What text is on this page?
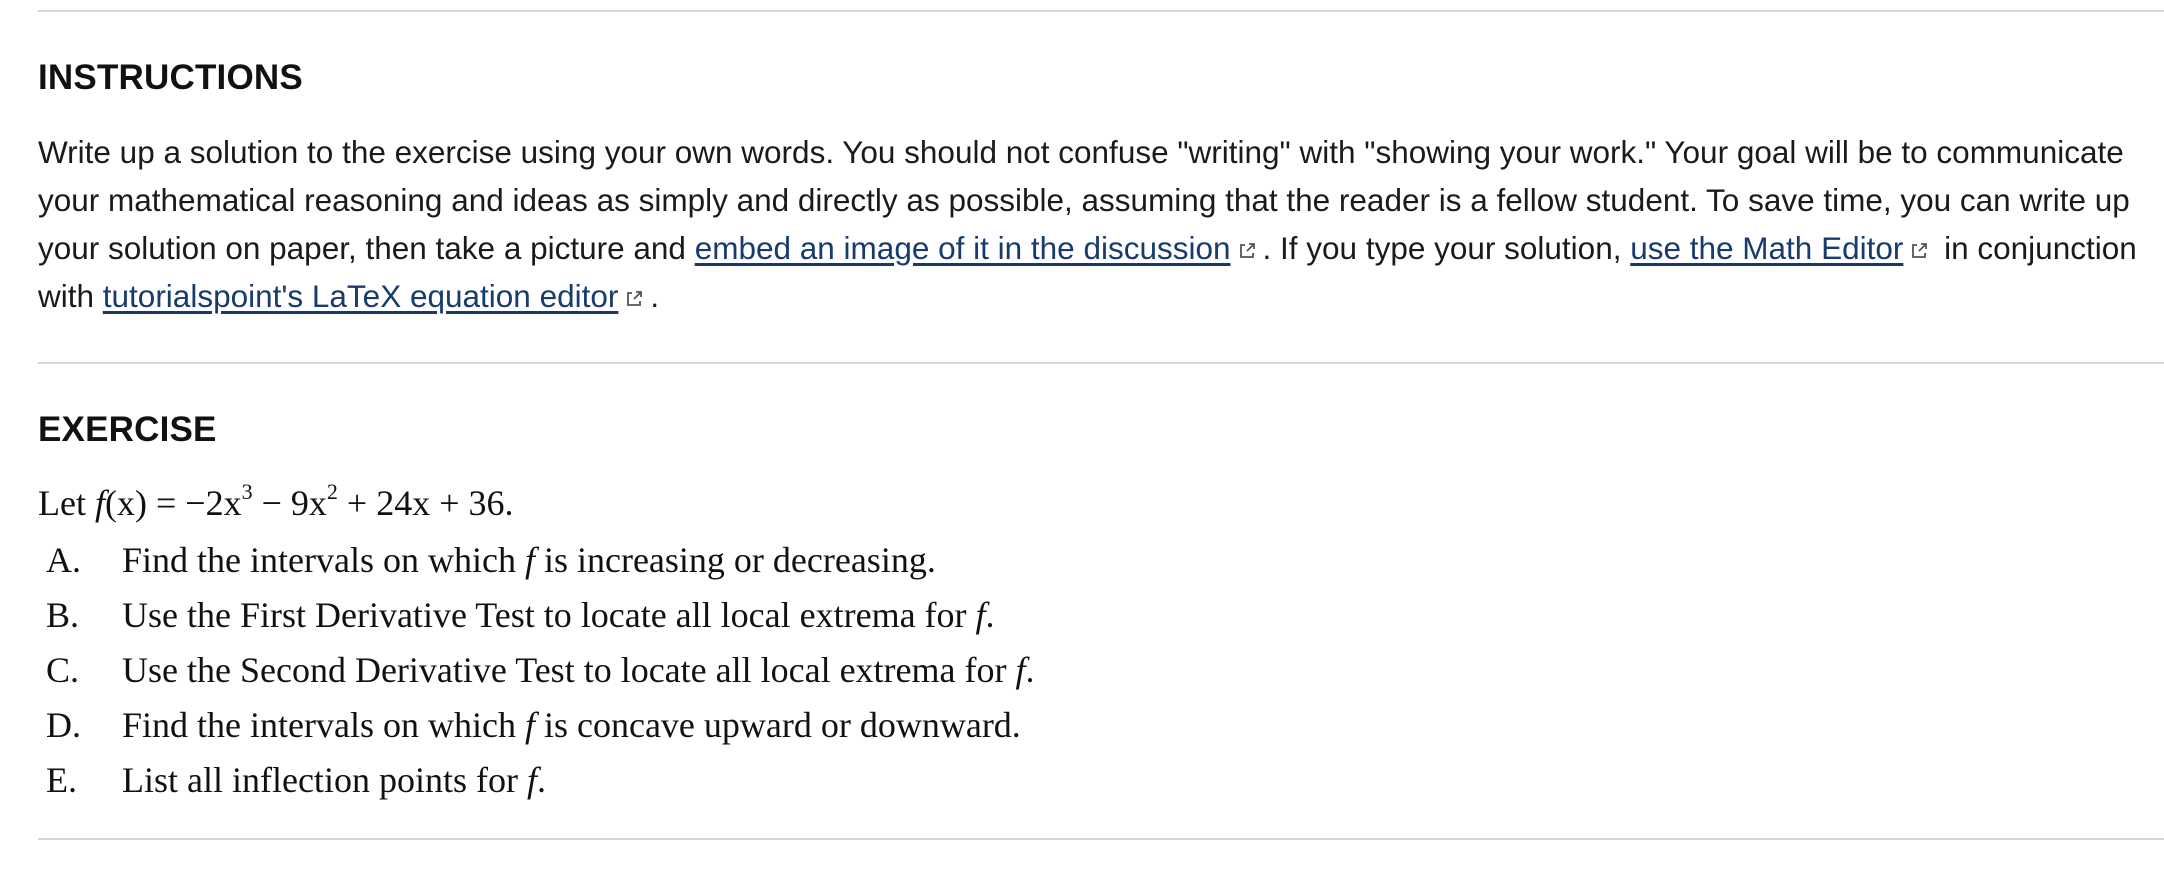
INSTRUCTIONS

Write up a solution to the exercise using your own words. You should not confuse "writing" with "showing your work." Your goal will be to communicate your mathematical reasoning and ideas as simply and directly as possible, assuming that the reader is a fellow student. To save time, you can write up your solution on paper, then take a picture and embed an image of it in the discussion . If you type your solution, use the Math Editor
in conjunction with tutorialspoint's LaTeX equation editor .

EXERCISE

Let $f(x) = -2x^3 - 9x^2 + 24x + 36$.

A. Find the intervals on which f is increasing or decreasing.
B. Use the First Derivative Test to locate all local extrema for f.
C. Use the Second Derivative Test to locate all local extrema for f.
D. Find the intervals on which f is concave upward or downward.
E. List all inflection points for f.
